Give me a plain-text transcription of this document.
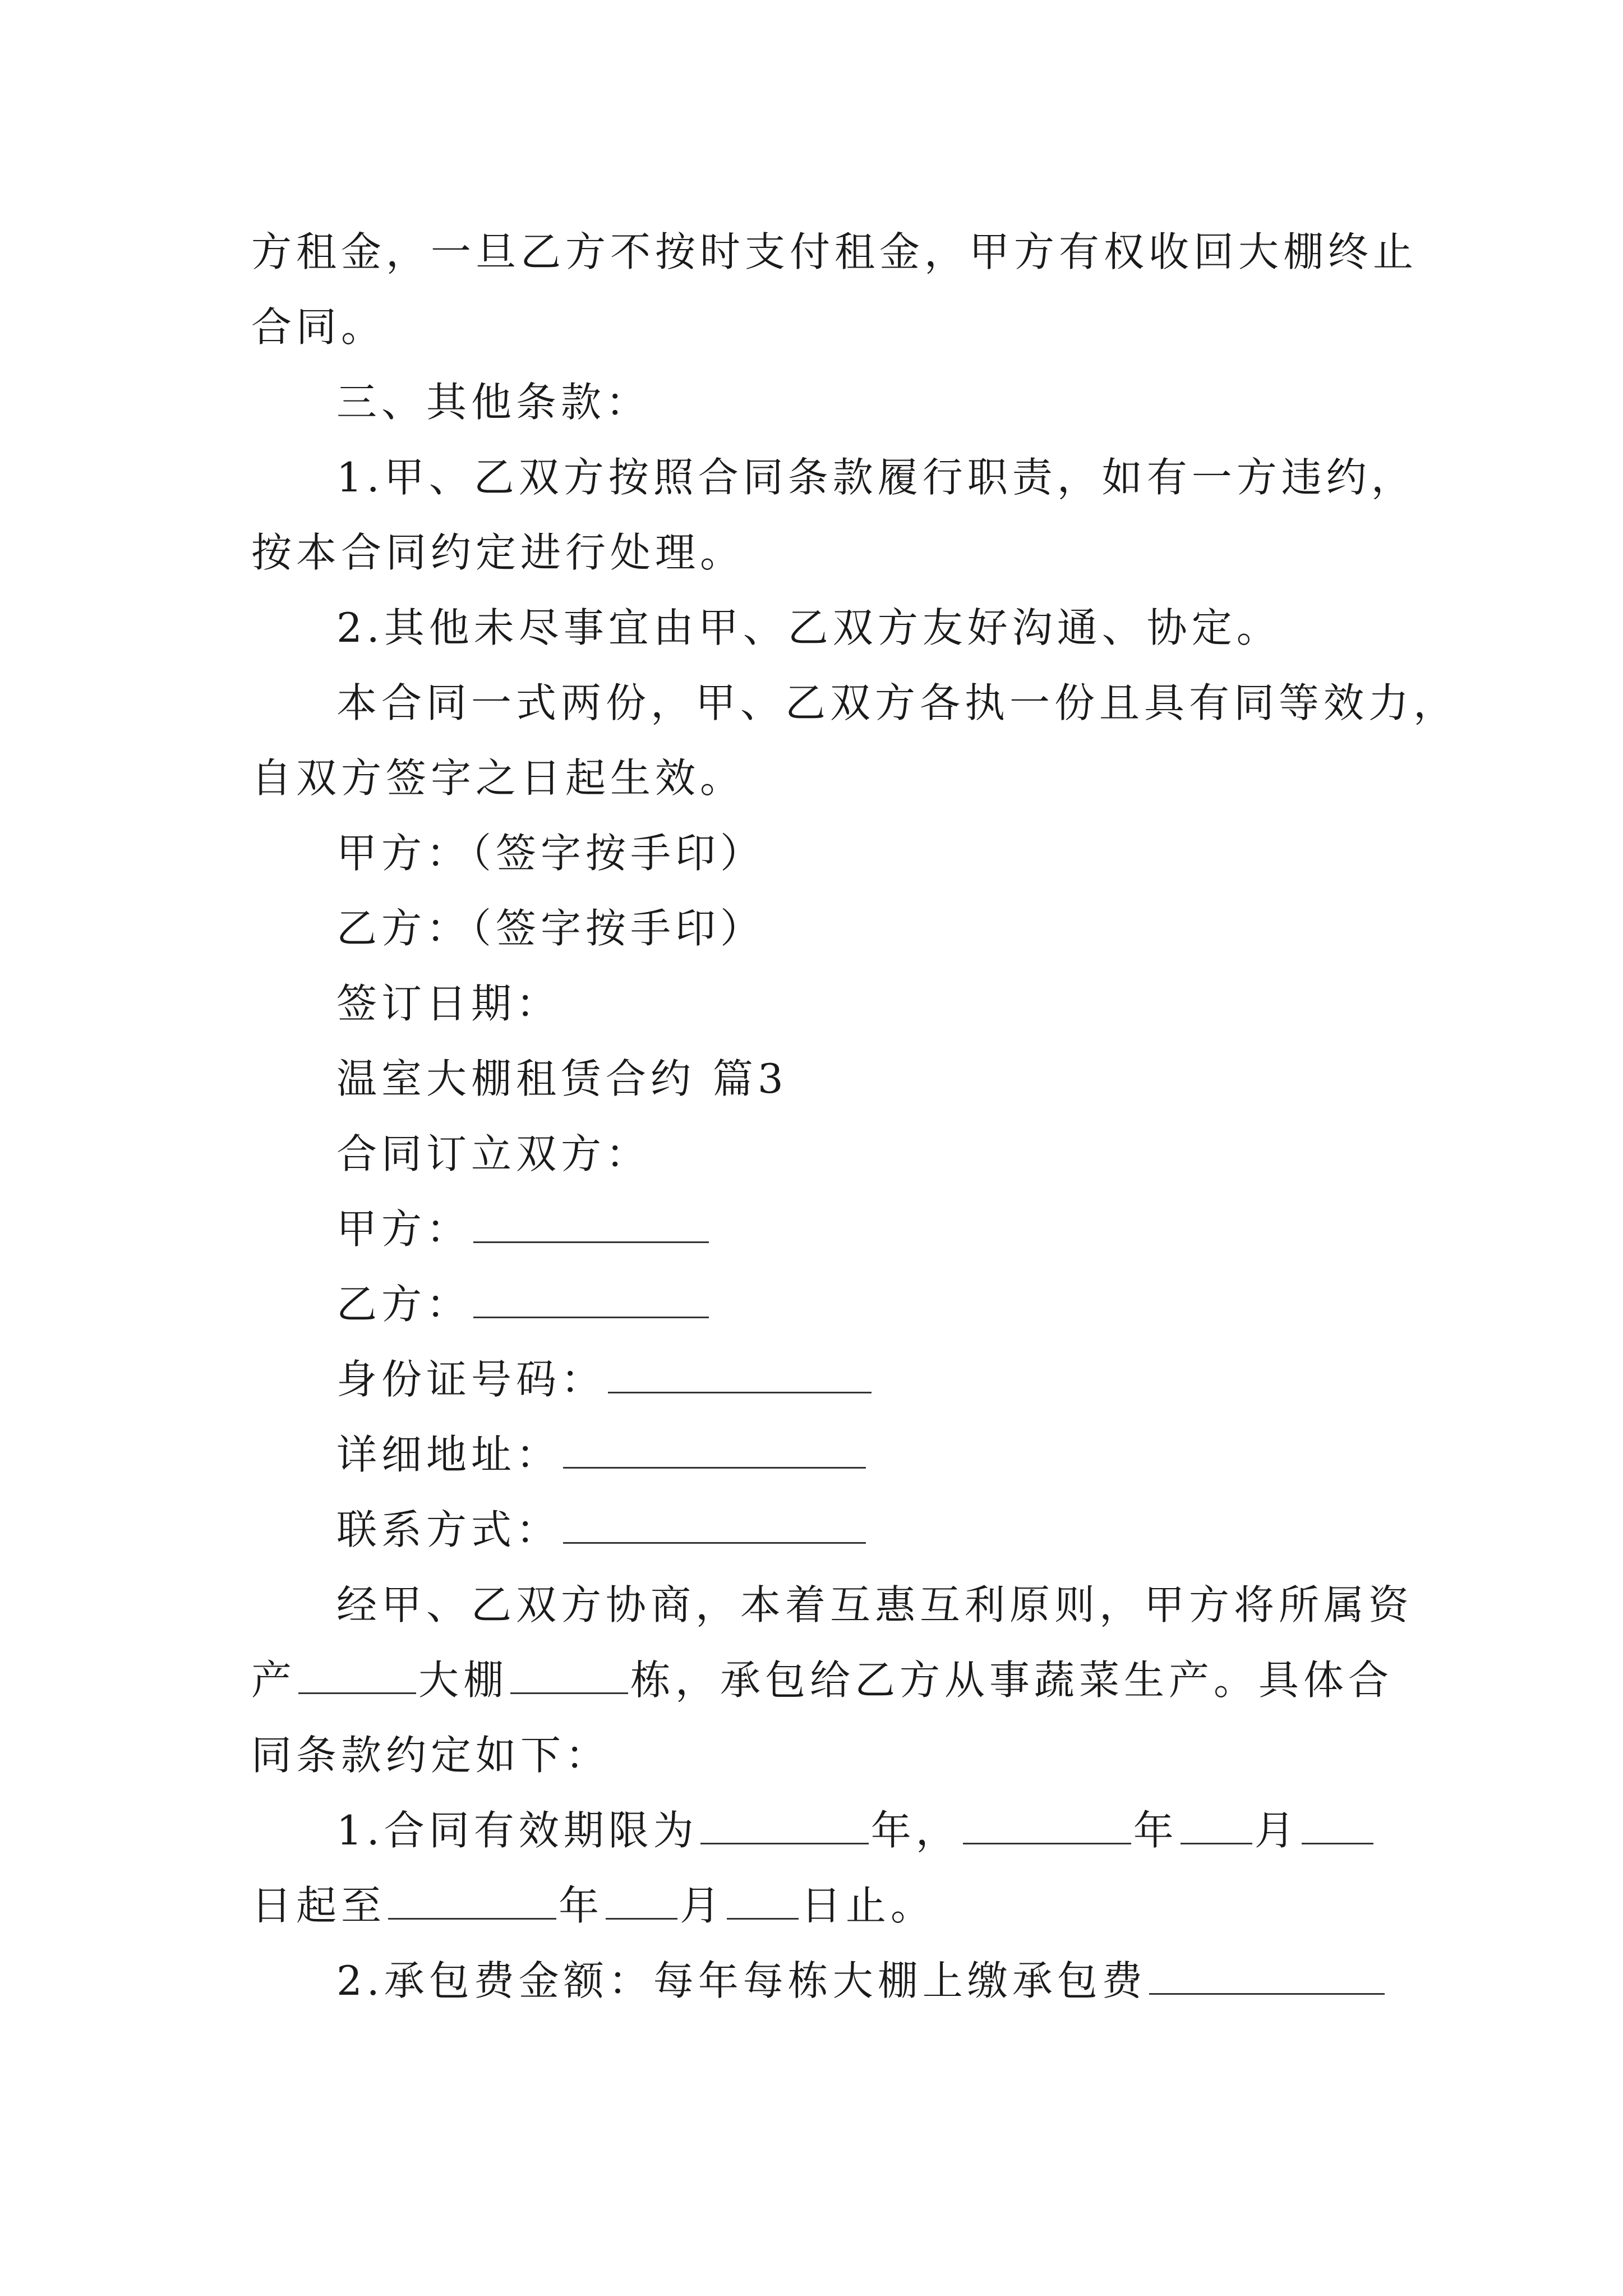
方租金，一旦乙方不按时支付租金，甲方有权收回大棚终止
合同。
三、其他条款：
1.甲、乙双方按照合同条款履行职责，如有一方违约，
按本合同约定进行处理。
2.其他未尽事宜由甲、乙双方友好沟通、协定。
本合同一式两份，甲、乙双方各执一份且具有同等效力，
自双方签字之日起生效。
甲方：（签字按手印）
乙方：（签字按手印）
签订日期：
温室大棚租赁合约 篇3
合同订立双方：
甲方：
乙方：
身份证号码：
详细地址：
联系方式：
经甲、乙双方协商，本着互惠互利原则，甲方将所属资
产	大棚	栋，承包给乙方从事蔬菜生产。具体合
同条款约定如下：
1.合同有效期限为	年，	年 月
日起至	年 月 日止。
2.承包费金额：每年每栋大棚上缴承包费
